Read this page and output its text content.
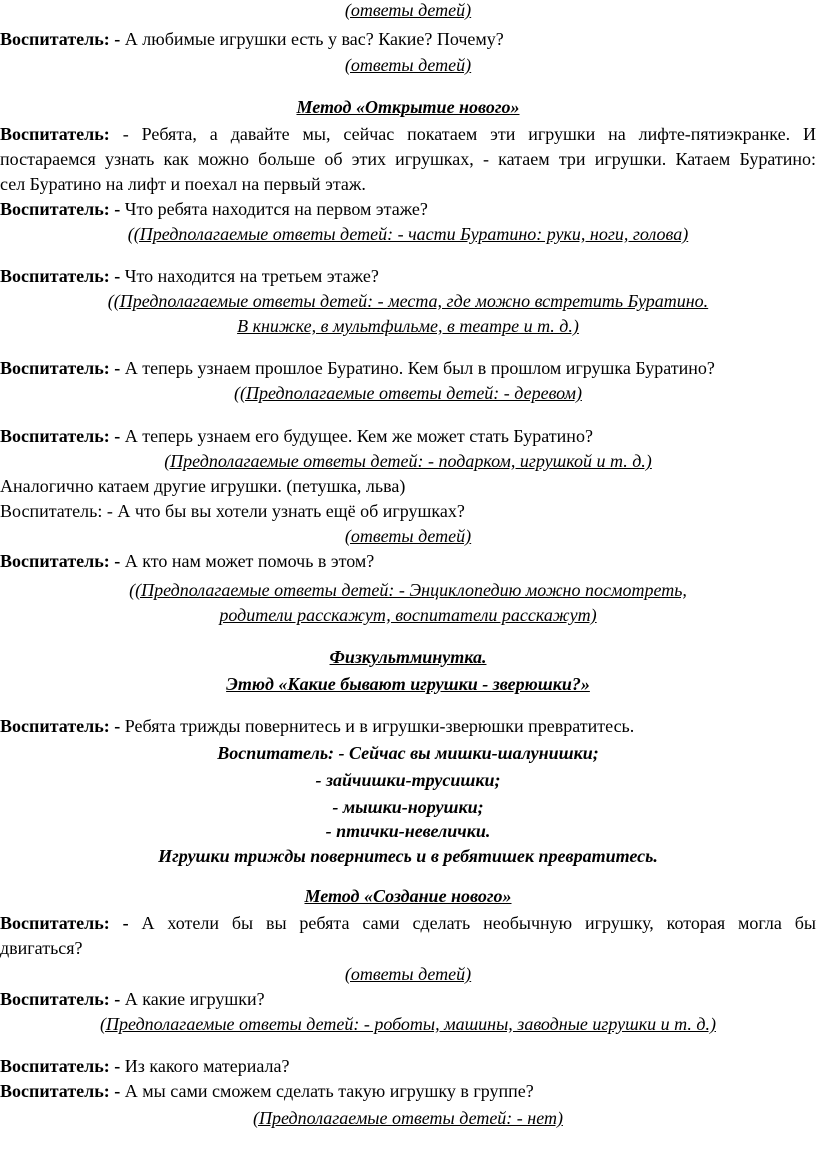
(ответы детей)
Воспитатель: - А любимые игрушки есть у вас? Какие? Почему?
(ответы детей)
Метод «Открытие нового»
Воспитатель: - Ребята, а давайте мы, сейчас покатаем эти игрушки на лифте-пятиэкранке. И
постараемся узнать как можно больше об этих игрушках, - катаем три игрушки. Катаем Буратино:
сел Буратино на лифт и поехал на первый этаж.
Воспитатель: - Что ребята находится на первом этаже?
((Предполагаемые ответы детей: - части Буратино: руки, ноги, голова)
Воспитатель: - Что находится на третьем этаже?
((Предполагаемые ответы детей: - места, где можно встретить Буратино.
В книжке, в мультфильме, в театре и т. д.)
Воспитатель: - А теперь узнаем прошлое Буратино. Кем был в прошлом игрушка Буратино?
((Предполагаемые ответы детей: - деревом)
Воспитатель: - А теперь узнаем его будущее. Кем же может стать Буратино?
(Предполагаемые ответы детей: - подарком, игрушкой и т. д.)
Аналогично катаем другие игрушки. (петушка, льва)
Воспитатель: - А что бы вы хотели узнать ещё об игрушках?
(ответы детей)
Воспитатель: - А кто нам может помочь в этом?
((Предполагаемые ответы детей: - Энциклопедию можно посмотреть,
родители расскажут, воспитатели расскажут)
Физкультминутка.
Этюд «Какие бывают игрушки - зверюшки?»
Воспитатель: - Ребята трижды повернитесь и в игрушки-зверюшки превратитесь.
Воспитатель: - Сейчас вы мишки-шалунишки;
- зайчишки-трусишки;
- мышки-норушки;
- птички-невелички.
Игрушки трижды повернитесь и в ребятишек превратитесь.
Метод «Создание нового»
Воспитатель: - А хотели бы вы ребята сами сделать необычную игрушку, которая могла бы
двигаться?
(ответы детей)
Воспитатель: - А какие игрушки?
(Предполагаемые ответы детей: - роботы, машины, заводные игрушки и т. д.)
Воспитатель: - Из какого материала?
Воспитатель: - А мы сами сможем сделать такую игрушку в группе?
(Предполагаемые ответы детей: - нет)
